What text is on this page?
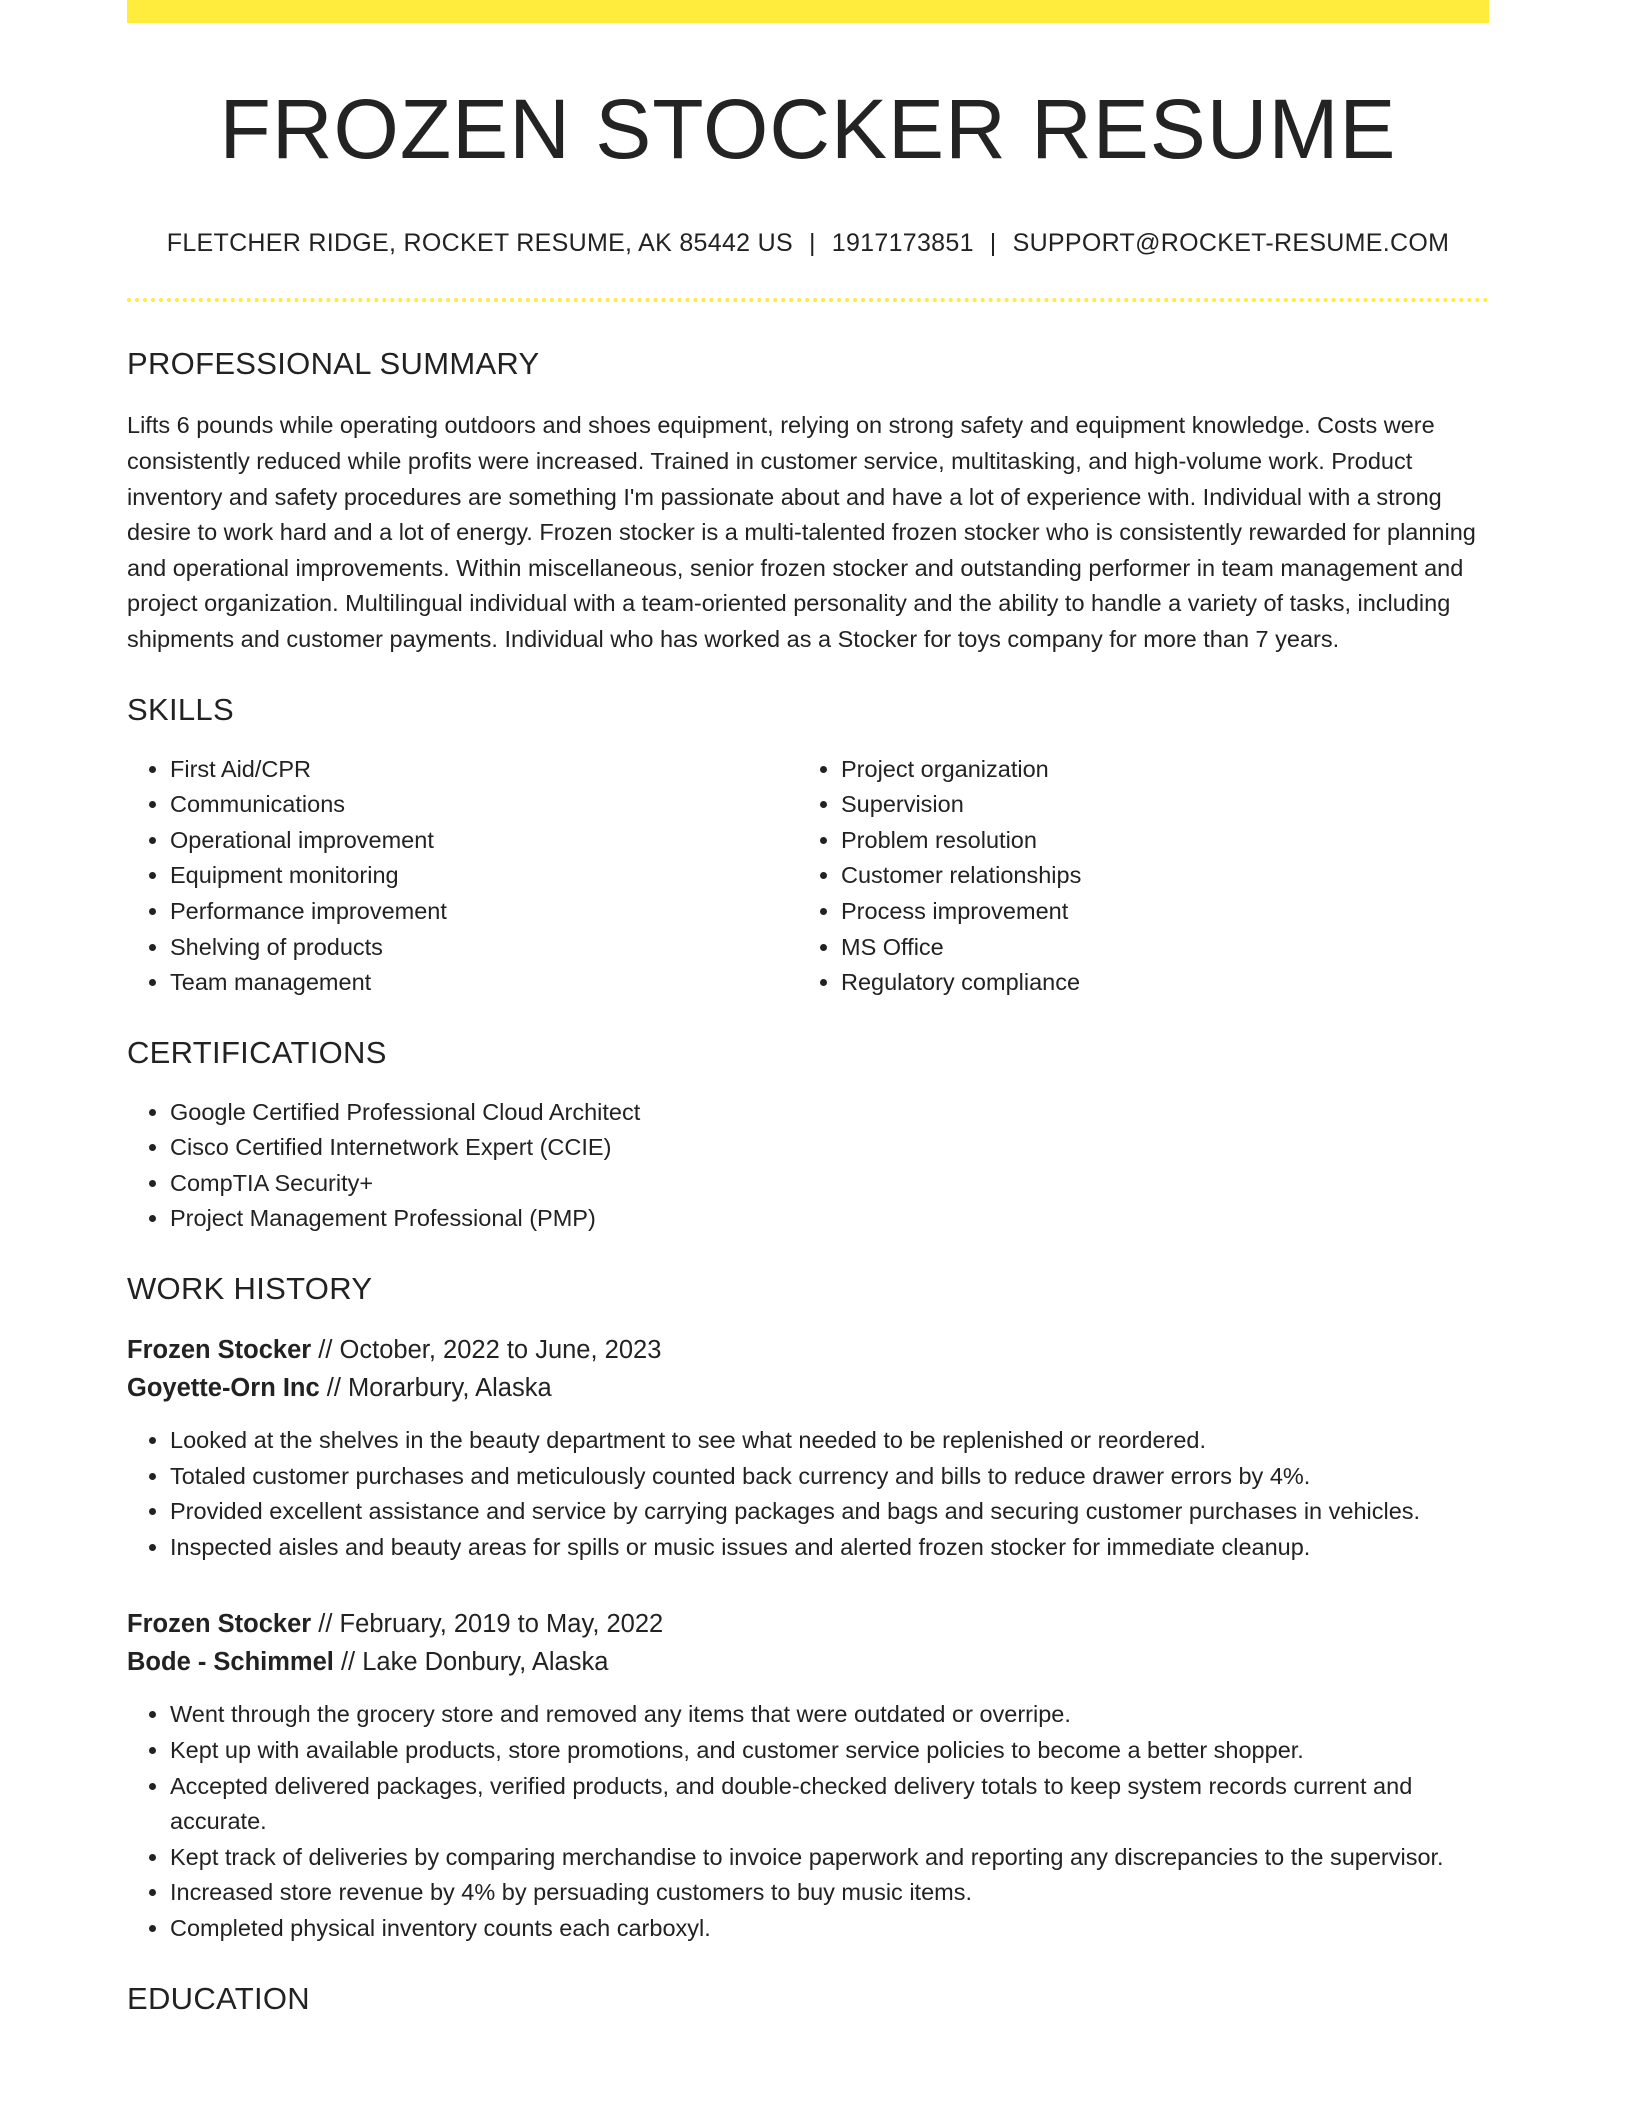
FROZEN STOCKER RESUME
FLETCHER RIDGE, ROCKET RESUME, AK 85442 US | 1917173851 | SUPPORT@ROCKET-RESUME.COM
PROFESSIONAL SUMMARY

Lifts 6 pounds while operating outdoors and shoes equipment, relying on strong safety and equipment knowledge. Costs were consistently reduced while profits were increased. Trained in customer service, multitasking, and high-volume work. Product inventory and safety procedures are something I'm passionate about and have a lot of experience with. Individual with a strong desire to work hard and a lot of energy. Frozen stocker is a multi-talented frozen stocker who is consistently rewarded for planning and operational improvements. Within miscellaneous, senior frozen stocker and outstanding performer in team management and project organization. Multilingual individual with a team-oriented personality and the ability to handle a variety of tasks, including shipments and customer payments. Individual who has worked as a Stocker for toys company for more than 7 years.

SKILLS
• First Aid/CPR
• Communications
• Operational improvement
• Equipment monitoring
• Performance improvement
• Shelving of products
• Team management
• Project organization
• Supervision
• Problem resolution
• Customer relationships
• Process improvement
• MS Office
• Regulatory compliance
CERTIFICATIONS
• Google Certified Professional Cloud Architect
• Cisco Certified Internetwork Expert (CCIE)
• CompTIA Security+
• Project Management Professional (PMP)
WORK HISTORY
Frozen Stocker // October, 2022 to June, 2023
Goyette-Orn Inc // Morarbury, Alaska
• Looked at the shelves in the beauty department to see what needed to be replenished or reordered.
• Totaled customer purchases and meticulously counted back currency and bills to reduce drawer errors by 4%.
• Provided excellent assistance and service by carrying packages and bags and securing customer purchases in vehicles.
• Inspected aisles and beauty areas for spills or music issues and alerted frozen stocker for immediate cleanup.
Frozen Stocker // February, 2019 to May, 2022
Bode - Schimmel // Lake Donbury, Alaska
• Went through the grocery store and removed any items that were outdated or overripe.
• Kept up with available products, store promotions, and customer service policies to become a better shopper.
• Accepted delivered packages, verified products, and double-checked delivery totals to keep system records current and accurate.
• Kept track of deliveries by comparing merchandise to invoice paperwork and reporting any discrepancies to the supervisor.
• Increased store revenue by 4% by persuading customers to buy music items.
• Completed physical inventory counts each carboxyl.
EDUCATION
